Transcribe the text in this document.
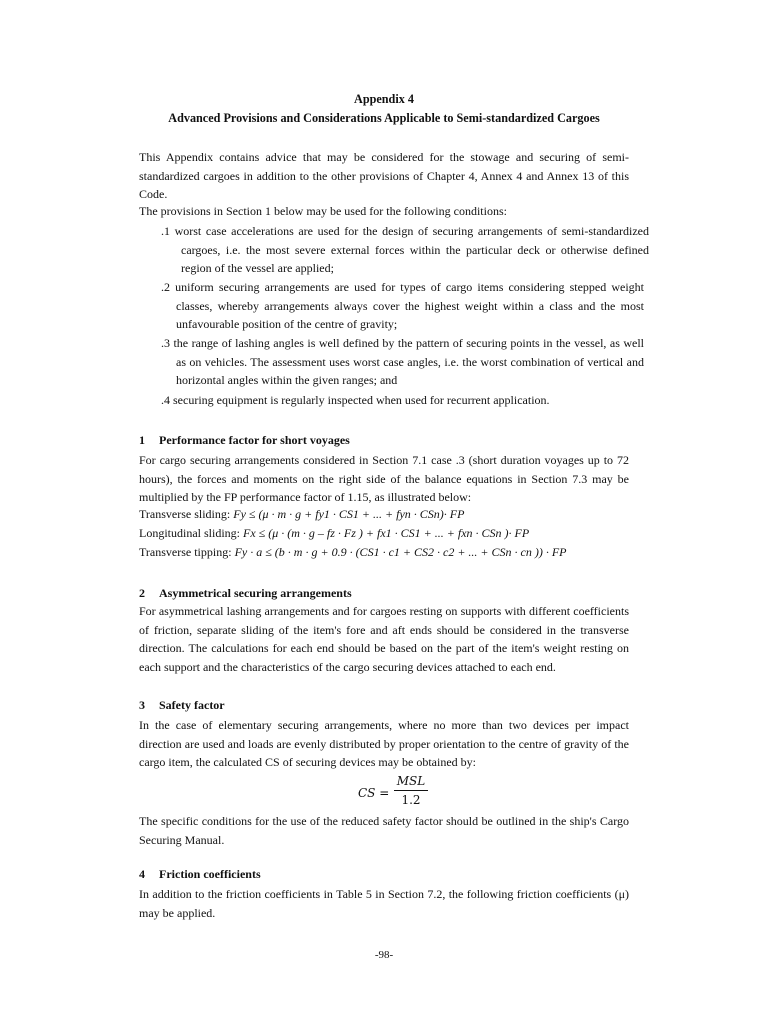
Appendix 4
Advanced Provisions and Considerations Applicable to Semi-standardized Cargoes
This Appendix contains advice that may be considered for the stowage and securing of semi-standardized cargoes in addition to the other provisions of Chapter 4, Annex 4 and Annex 13 of this Code.
The provisions in Section 1 below may be used for the following conditions:
.1 worst case accelerations are used for the design of securing arrangements of semi-standardized cargoes, i.e. the most severe external forces within the particular deck or otherwise defined region of the vessel are applied;
.2 uniform securing arrangements are used for types of cargo items considering stepped weight classes, whereby arrangements always cover the highest weight within a class and the most unfavourable position of the centre of gravity;
.3 the range of lashing angles is well defined by the pattern of securing points in the vessel, as well as on vehicles. The assessment uses worst case angles, i.e. the worst combination of vertical and horizontal angles within the given ranges; and
.4 securing equipment is regularly inspected when used for recurrent application.
1 Performance factor for short voyages
For cargo securing arrangements considered in Section 7.1 case .3 (short duration voyages up to 72 hours), the forces and moments on the right side of the balance equations in Section 7.3 may be multiplied by the FP performance factor of 1.15, as illustrated below:
Transverse sliding: Fy ≤ (μ · m · g + fy1 · CS1 + ... + fyn · CSn)· FP
Longitudinal sliding: Fx ≤ (μ · (m · g – fz · Fz ) + fx1 · CS1 + ... + fxn · CSn )· FP
Transverse tipping: Fy · a ≤ (b · m · g + 0.9 · (CS1 · c1 + CS2 · c2 + ... + CSn · cn )) · FP
2 Asymmetrical securing arrangements
For asymmetrical lashing arrangements and for cargoes resting on supports with different coefficients of friction, separate sliding of the item's fore and aft ends should be considered in the transverse direction. The calculations for each end should be based on the part of the item's weight resting on each support and the characteristics of the cargo securing devices attached to each end.
3 Safety factor
In the case of elementary securing arrangements, where no more than two devices per impact direction are used and loads are evenly distributed by proper orientation to the centre of gravity of the cargo item, the calculated CS of securing devices may be obtained by:
CS =
MSL
1.2
The specific conditions for the use of the reduced safety factor should be outlined in the ship's Cargo Securing Manual.
4 Friction coefficients
In addition to the friction coefficients in Table 5 in Section 7.2, the following friction coefficients (μ) may be applied.
-98-
